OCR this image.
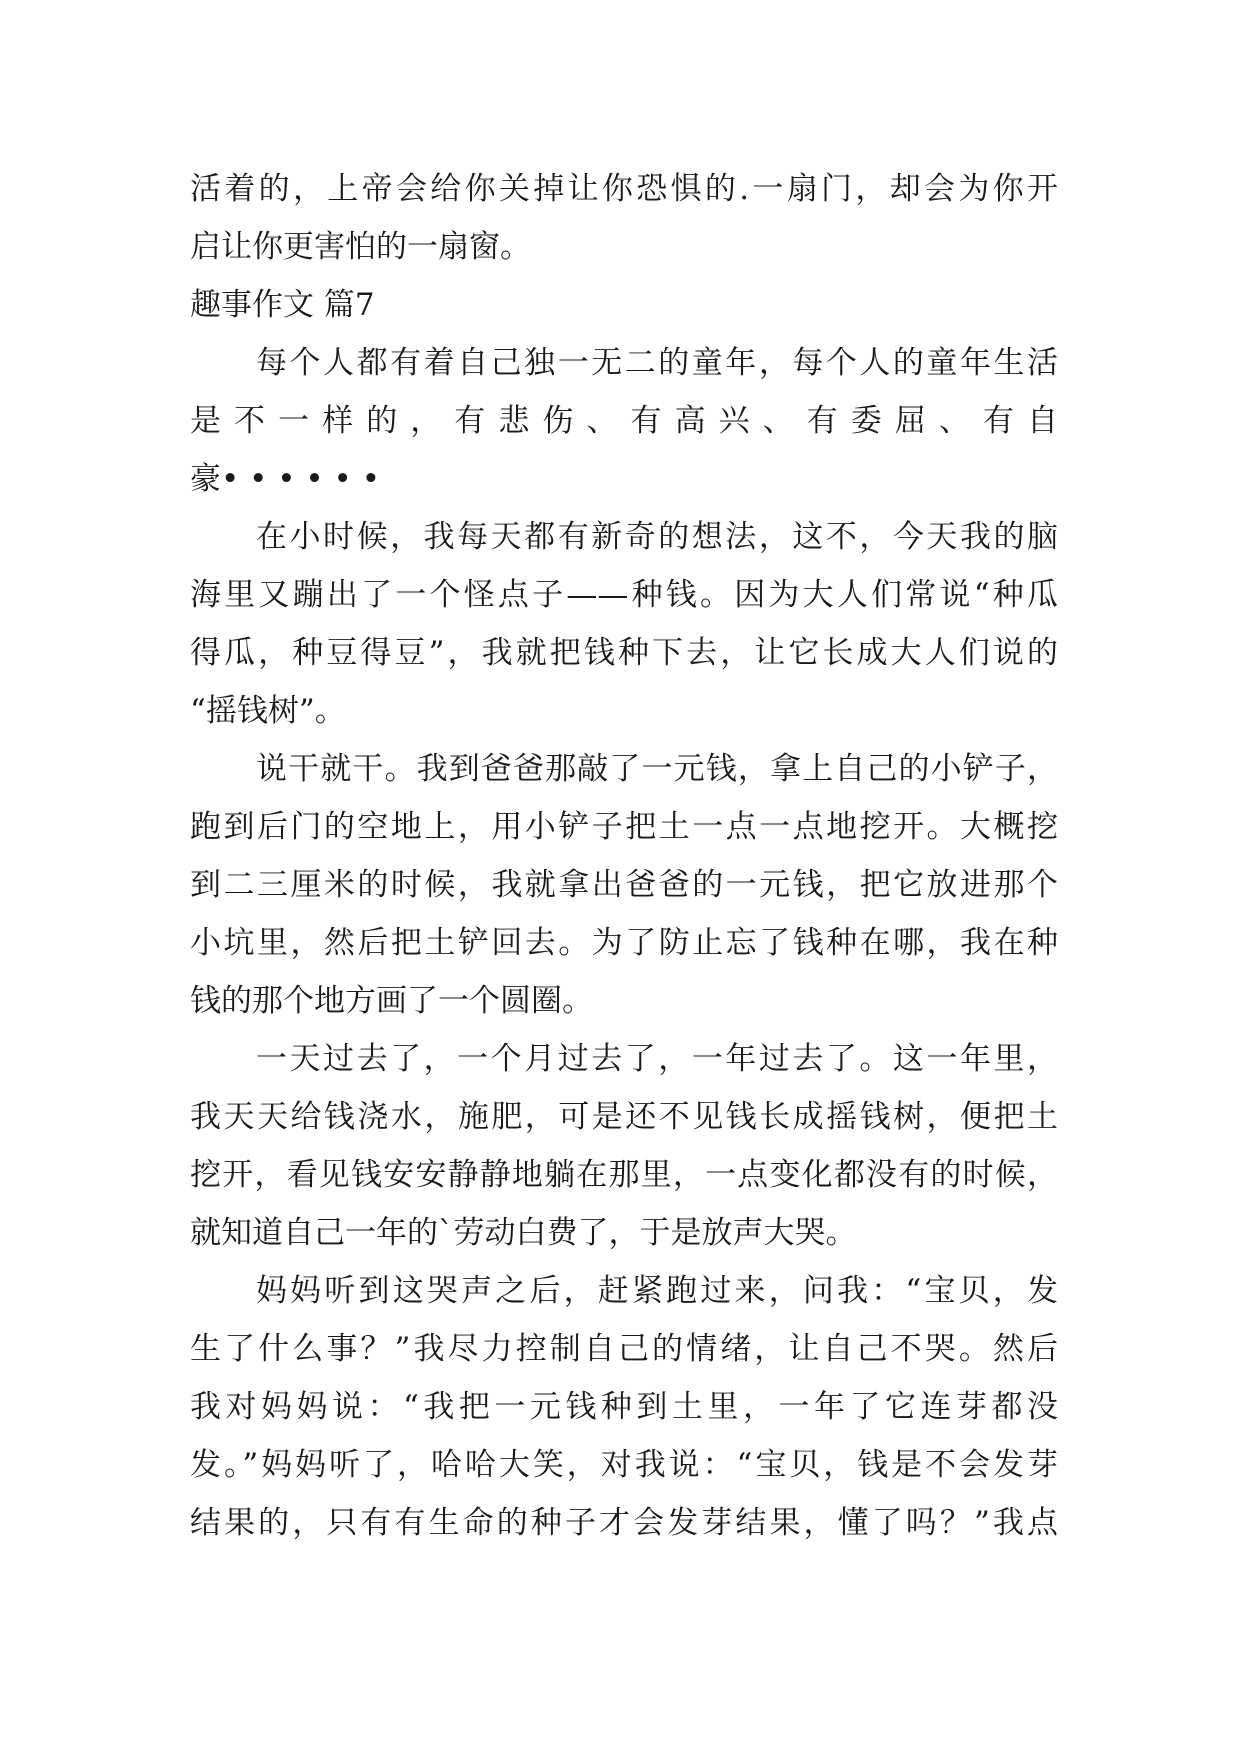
活着的，上帝会给你关掉让你恐惧的.一扇门，却会为你开
启让你更害怕的一扇窗。
趣事作文 篇7
每个人都有着自己独一无二的童年，每个人的童年生活
是 不 一 样 的 ， 有 悲 伤 、 有 高 兴 、 有 委 屈 、 有 自
豪• • • • • •
在小时候，我每天都有新奇的想法，这不，今天我的脑
海里又蹦出了一个怪点子——种钱。因为大人们常说“种瓜
得瓜，种豆得豆”，我就把钱种下去，让它长成大人们说的
“摇钱树”。
说干就干。我到爸爸那敲了一元钱，拿上自己的小铲子，
跑到后门的空地上，用小铲子把土一点一点地挖开。大概挖
到二三厘米的时候，我就拿出爸爸的一元钱，把它放进那个
小坑里，然后把土铲回去。为了防止忘了钱种在哪，我在种
钱的那个地方画了一个圆圈。
一天过去了，一个月过去了，一年过去了。这一年里，
我天天给钱浇水，施肥，可是还不见钱长成摇钱树，便把土
挖开，看见钱安安静静地躺在那里，一点变化都没有的时候，
就知道自己一年的`劳动白费了，于是放声大哭。
妈妈听到这哭声之后，赶紧跑过来，问我：“宝贝，发
生了什么事？”我尽力控制自己的情绪，让自己不哭。然后
我对妈妈说：“我把一元钱种到土里，一年了它连芽都没
发。”妈妈听了，哈哈大笑，对我说：“宝贝，钱是不会发芽
结果的，只有有生命的种子才会发芽结果，懂了吗？”我点
